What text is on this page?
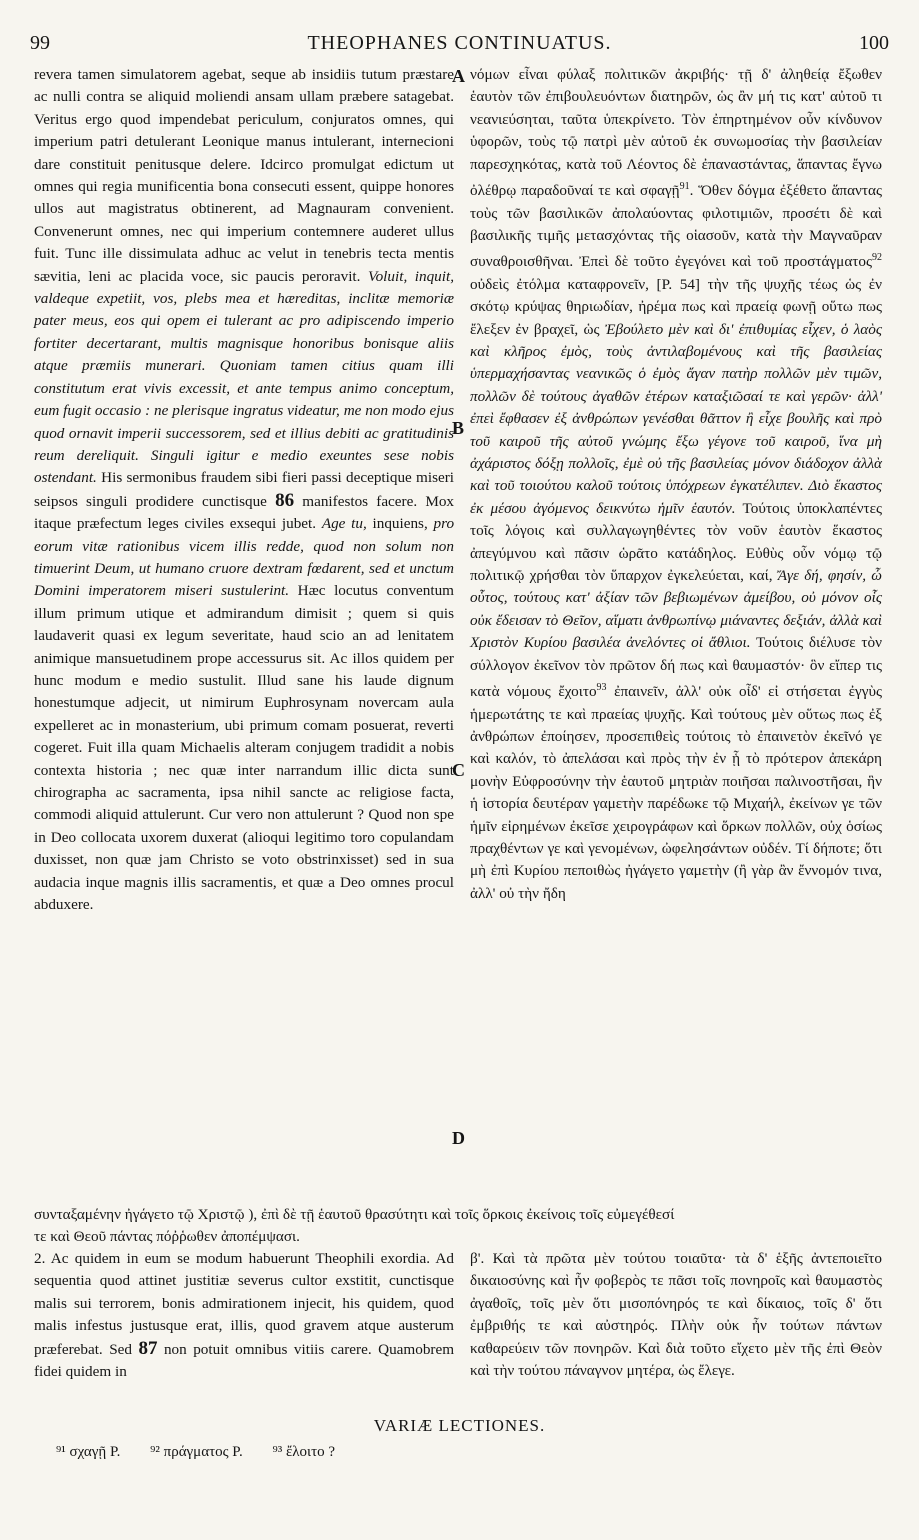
99	THEOPHANES CONTINUATUS.	100

revera tamen simulatorem agebat, seque ab insidiis tutum præstare ac nulli contra se aliquid moliendi ansam ullam præbere satagebat. Veritus ergo quod impendebat periculum, conjuratos omnes, qui imperium patri detulerant Leonique manus intulerant, internecioni dare constituit penitusque delere. Idcirco promulgat edictum ut omnes qui regia munificentia bona consecuti essent, quippe honores ullos aut magistratus obtinerent, ad Magnauram convenient. Convenerunt omnes, nec qui imperium contemnere auderet ullus fuit. Tunc ille dissimulata adhuc ac velut in tenebris tecta mentis sævitia, leni ac placida voce, sic paucis peroravit. Voluit, inquit, valdeque expetiit, vos, plebs mea et hæreditas, inclitæ memoriæ pater meus, eos qui opem ei tulerant ac pro adipiscendo imperio fortiter decertarant, multis magnisque honoribus bonisque aliis atque præmiis munerari. Quoniam tamen citius quam illi constitutum erat vivis excessit, et ante tempus animo conceptum, eum fugit occasio : ne plerisque ingratus videatur, me non modo ejus quod ornavit imperii successorem, sed et illius debiti ac gratitudinis reum dereliquit. Singuli igitur e medio exeuntes sese nobis ostendant. His sermonibus fraudem sibi fieri passi deceptique miseri seipsos singuli prodidere cunctisque 86 manifestos facere. Mox itaque præfectum leges civiles exsequi jubet. Age tu, inquiens, pro eorum vitæ rationibus vicem illis redde, quod non solum non timuerint Deum, ut humano cruore dextram fœdarent, sed et unctum Domini imperatorem miseri sustulerint. Hæc locutus conventum illum primum utique et admirandum dimisit ; quem si quis laudaverit quasi ex legum severitate, haud scio an ad lenitatem animique mansuetudinem prope accessurus sit. Ac illos quidem per hunc modum e medio sustulit. Illud sane his laude dignum honestumque adjecit, ut nimirum Euphrosynam novercam aula expelleret ac in monasterium, ubi primum comam posuerat, reverti cogeret. Fuit illa quam Michaelis alteram conjugem tradidit a nobis contexta historia ; nec quæ inter narrandum illic dicta sunt chirographa ac sacramenta, ipsa nihil sancte ac religiose facta, commodi aliquid attulerunt. Cur vero non attulerunt ? Quod non spe in Deo collocata uxorem duxerat (alioqui legitimo toro copulandam duxisset, non quæ jam Christo se voto obstrinxisset) sed in sua audacia inque magnis illis sacramentis, et quæ a Deo omnes procul abduxere.

νόμων εἶναι φύλαξ πολιτικῶν ἀκριβής· τῇ δ' ἀληθείᾳ ἔξωθεν ἑαυτὸν τῶν ἐπιβουλευόντων διατηρῶν, ὡς ἂν μή τις κατ' αὐτοῦ τι νεανιεύσηται, ταῦτα ὑπεκρίνετο. Τὸν ἐπηρτημένον οὖν κίνδυνον ὑφορῶν, τοὺς τῷ πατρὶ μὲν αὐτοῦ ἐκ συνωμοσίας τὴν βασιλείαν παρεσχηκότας, κατὰ τοῦ Λέοντος δὲ ἐπαναστάντας, ἅπαντας ἔγνω ὀλέθρῳ παραδοῦναί τε καὶ σφαγῇ$^{91}$. Ὅθεν δόγμα ἐξέθετο ἅπαντας τοὺς τῶν βασιλικῶν ἀπολαύοντας φιλοτιμιῶν, προσέτι δὲ καὶ βασιλικῆς τιμῆς μετασχόντας τῆς οἱασοῦν, κατὰ τὴν Μαγναῦραν συναθροισθῆναι. Ἐπεὶ δὲ τοῦτο ἐγεγόνει καὶ τοῦ προστάγματος$^{92}$ οὐδεὶς ἐτόλμα καταφρονεῖν, [P. 54] τὴν τῆς ψυχῆς τέως ὡς ἐν σκότῳ κρύψας θηριωδίαν, ἠρέμα πως καὶ πραείᾳ φωνῇ οὕτω πως ἔλεξεν ἐν βραχεῖ, ὡς Ἐβούλετο μὲν καὶ δι' ἐπιθυμίας εἶχεν, ὁ λαὸς καὶ κλῆρος ἐμὸς, τοὺς ἀντιλαβομένους καὶ τῆς βασιλείας ὑπερμαχήσαντας νεανικῶς ὁ ἐμὸς ἄγαν πατὴρ πολλῶν μὲν τιμῶν, πολλῶν δὲ τούτους ἀγαθῶν ἑτέρων καταξιῶσαί τε καὶ γερῶν· ἀλλ' ἐπεὶ ἔφθασεν ἐξ ἀνθρώπων γενέσθαι θᾶττον ἢ εἶχε βουλῆς καὶ πρὸ τοῦ καιροῦ τῆς αὐτοῦ γνώμης ἔξω γέγονε τοῦ καιροῦ, ἵνα μὴ ἀχάριστος δόξῃ πολλοῖς, ἐμὲ οὐ τῆς βασιλείας μόνον διάδοχον ἀλλὰ καὶ τοῦ τοιούτου καλοῦ τούτοις ὑπόχρεων ἐγκατέλιπεν. Διὸ ἕκαστος ἐκ μέσου ἀγόμενος δεικνύτω ἡμῖν ἑαυτόν. Τούτοις ὑποκλαπέντες τοῖς λόγοις καὶ συλλαγωγηθέντες τὸν νοῦν ἑαυτὸν ἕκαστος ἀπεγύμνου καὶ πᾶσιν ὡρᾶτο κατάδηλος. Εὐθὺς οὖν νόμῳ τῷ πολιτικῷ χρήσθαι τὸν ὕπαρχον ἐγκελεύεται, καί, Ἄγε δή, φησίν, ὦ οὗτος, τούτους κατ' ἀξίαν τῶν βεβιωμένων ἀμείβου, οὐ μόνον οἷς οὐκ ἔδεισαν τὸ Θεῖον, αἵματι ἀνθρωπίνῳ μιάναντες δεξιάν, ἀλλὰ καὶ Χριστὸν Κυρίου βασιλέα ἀνελόντες οἱ ἄθλιοι. Τούτοις διέλυσε τὸν σύλλογον ἐκεῖνον τὸν πρῶτον δή πως καὶ θαυμαστόν· ὃν εἴπερ τις κατὰ νόμους ἔχοιτο$^{93}$ ἐπαινεῖν, ἀλλ' οὐκ οἶδ' εἰ στήσεται ἐγγὺς ἡμερωτάτης τε καὶ πραείας ψυχῆς. Καὶ τούτους μὲν οὕτως πως ἐξ ἀνθρώπων ἐποίησεν, προσεπιθεὶς τούτοις τὸ ἐπαινετὸν ἐκεῖνό γε καὶ καλόν, τὸ ἀπελάσαι καὶ πρὸς τὴν ἐν ᾗ τὸ πρότερον ἀπεκάρη μονὴν Εὐφροσύνην τὴν ἑαυτοῦ μητριὰν ποιῆσαι παλινοστῆσαι, ἣν ἡ ἱστορία δευτέραν γαμετὴν παρέδωκε τῷ Μιχαήλ, ἐκείνων γε τῶν ἡμῖν εἰρημένων ἐκεῖσε χειρογράφων καὶ ὅρκων πολλῶν, οὐχ ὁσίως πραχθέντων γε καὶ γενομένων, ὠφελησάντων οὐδέν. Τί δήποτε; ὅτι μὴ ἐπὶ Κυρίου πεποιθὼς ἠγάγετο γαμετὴν (ἢ γὰρ ἂν ἔννομόν τινα, ἀλλ' οὐ τὴν ἤδη

A
B
C
D
συνταξαμένην ἠγάγετο τῷ Χριστῷ ), ἐπὶ δὲ τῇ ἑαυτοῦ θρασύτητι καὶ τοῖς ὅρκοις ἐκείνοις τοῖς εὐμεγέθεσί
τε καὶ Θεοῦ πάντας πόῤῥωθεν ἀποπέμψασι.

2. Ac quidem in eum se modum habuerunt Theophili exordia. Ad sequentia quod attinet justitiæ severus cultor exstitit, cunctisque malis sui terrorem, bonis admirationem injecit, his quidem, quod malis infestus justusque erat, illis, quod gravem atque austerum præferebat. Sed 87 non potuit omnibus vitiis carere. Quamobrem fidei quidem in

β'. Καὶ τὰ πρῶτα μὲν τούτου τοιαῦτα· τὰ δ' ἑξῆς ἀντεποιεῖτο δικαιοσύνης καὶ ἦν φοβερὸς τε πᾶσι τοῖς πονηροῖς καὶ θαυμαστὸς ἀγαθοῖς, τοῖς μὲν ὅτι μισοπόνηρός τε καὶ δίκαιος, τοῖς δ' ὅτι ἐμβριθής τε καὶ αὐστηρός. Πλὴν οὐκ ἦν τούτων πάντων καθαρεύειν τῶν πονηρῶν. Καὶ διὰ τοῦτο εἴχετο μὲν τῆς ἐπὶ Θεὸν καὶ τὴν τούτου πάναγνον μητέρα, ὡς ἔλεγε.

VARIÆ LECTIONES.
⁹¹ σχαγῇ P. ⁹² πράγματος P. ⁹³ ἔλοιτο ?
